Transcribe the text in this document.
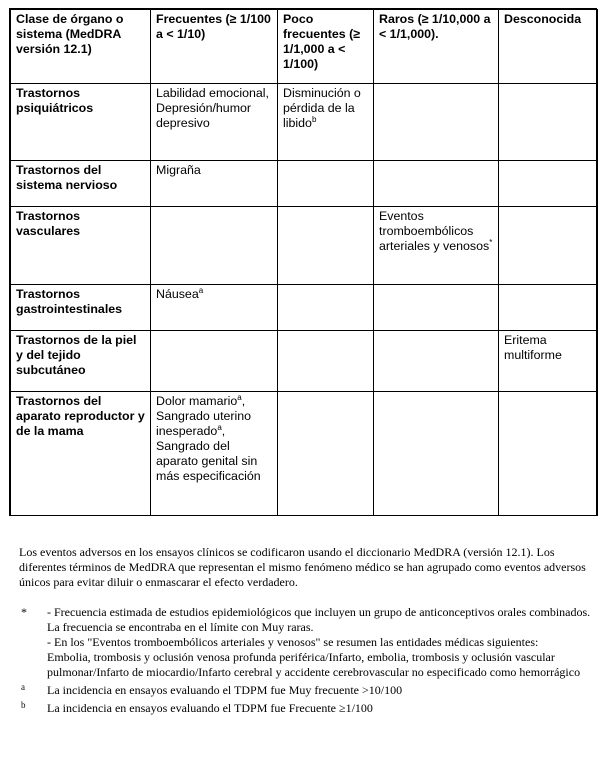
Clase de órgano o sistema (MedDRA versión 12.1)	Frecuentes (≥ 1/100 a < 1/10)	Poco frecuentes (≥ 1/1,000 a < 1/100)	Raros (≥ 1/10,000 a < 1/1,000).	Desconocida
Trastornos psiquiátricos	Labilidad emocional, Depresión/humor depresivo	Disminución o pérdida de la libido$^b$		
Trastornos del sistema nervioso	Migraña			
Trastornos vasculares			Eventos tromboembólicos arteriales y venosos*	
Trastornos gastrointestinales	Náusea$^a$			
Trastornos de la piel y del tejido subcutáneo				Eritema multiforme
Trastornos del aparato reproductor y de la mama	Dolor mamario$^a$, Sangrado uterino inesperado$^a$, Sangrado del aparato genital sin más especificación			

Los eventos adversos en los ensayos clínicos se codificaron usando el diccionario MedDRA (versión 12.1). Los diferentes términos de MedDRA que representan el mismo fenómeno médico se han agrupado como eventos adversos únicos para evitar diluir o enmascarar el efecto verdadero.

* - Frecuencia estimada de estudios epidemiológicos que incluyen un grupo de anticonceptivos orales combinados. La frecuencia se encontraba en el límite con Muy raras.

- En los "Eventos tromboembólicos arteriales y venosos" se resumen las entidades médicas siguientes:

Embolia, trombosis y oclusión venosa profunda periférica/Infarto, embolia, trombosis y oclusión vascular pulmonar/Infarto de miocardio/Infarto cerebral y accidente cerebrovascular no especificado como hemorrágico

a La incidencia en ensayos evaluando el TDPM fue Muy frecuente >10/100

b La incidencia en ensayos evaluando el TDPM fue Frecuente ≥1/100
